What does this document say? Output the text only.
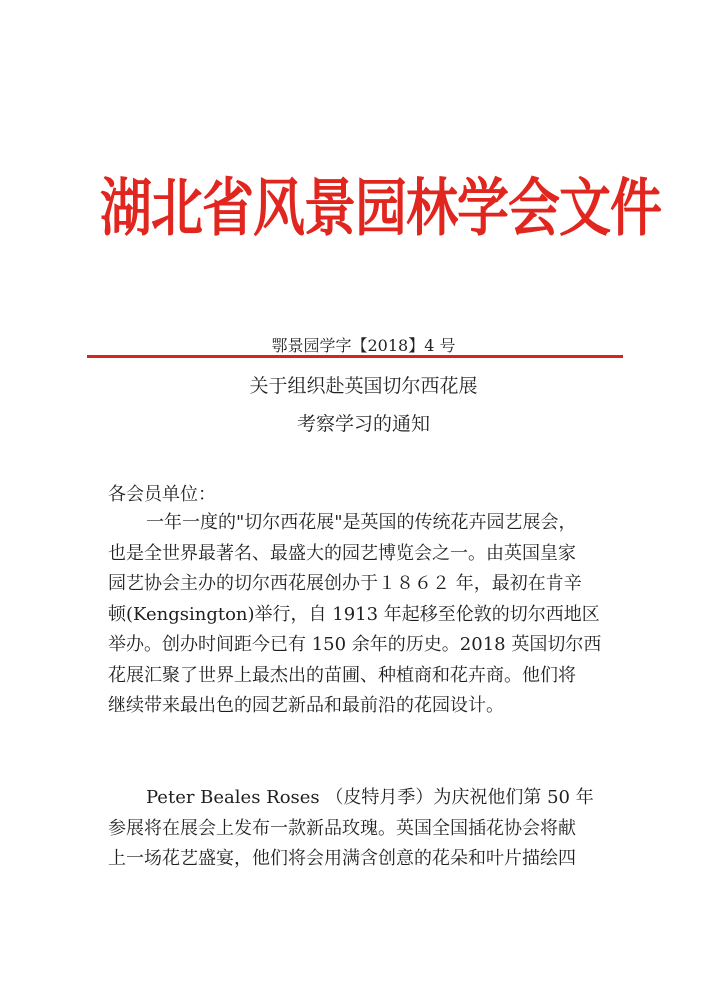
湖北省风景园林学会文件
鄂景园学字【2018】4 号
关于组织赴英国切尔西花展
考察学习的通知
各会员单位：
一年一度的"切尔西花展"是英国的传统花卉园艺展会，
也是全世界最著名、最盛大的园艺博览会之一。由英国皇家
园艺协会主办的切尔西花展创办于１８６２ 年，最初在肯辛
顿(Kengsington)举行，自 1913 年起移至伦敦的切尔西地区
举办。创办时间距今已有 150 余年的历史。2018 英国切尔西
花展汇聚了世界上最杰出的苗圃、种植商和花卉商。他们将
继续带来最出色的园艺新品和最前沿的花园设计。
Peter Beales Roses （皮特月季）为庆祝他们第 50 年
参展将在展会上发布一款新品玫瑰。英国全国插花协会将献
上一场花艺盛宴，他们将会用满含创意的花朵和叶片描绘四
